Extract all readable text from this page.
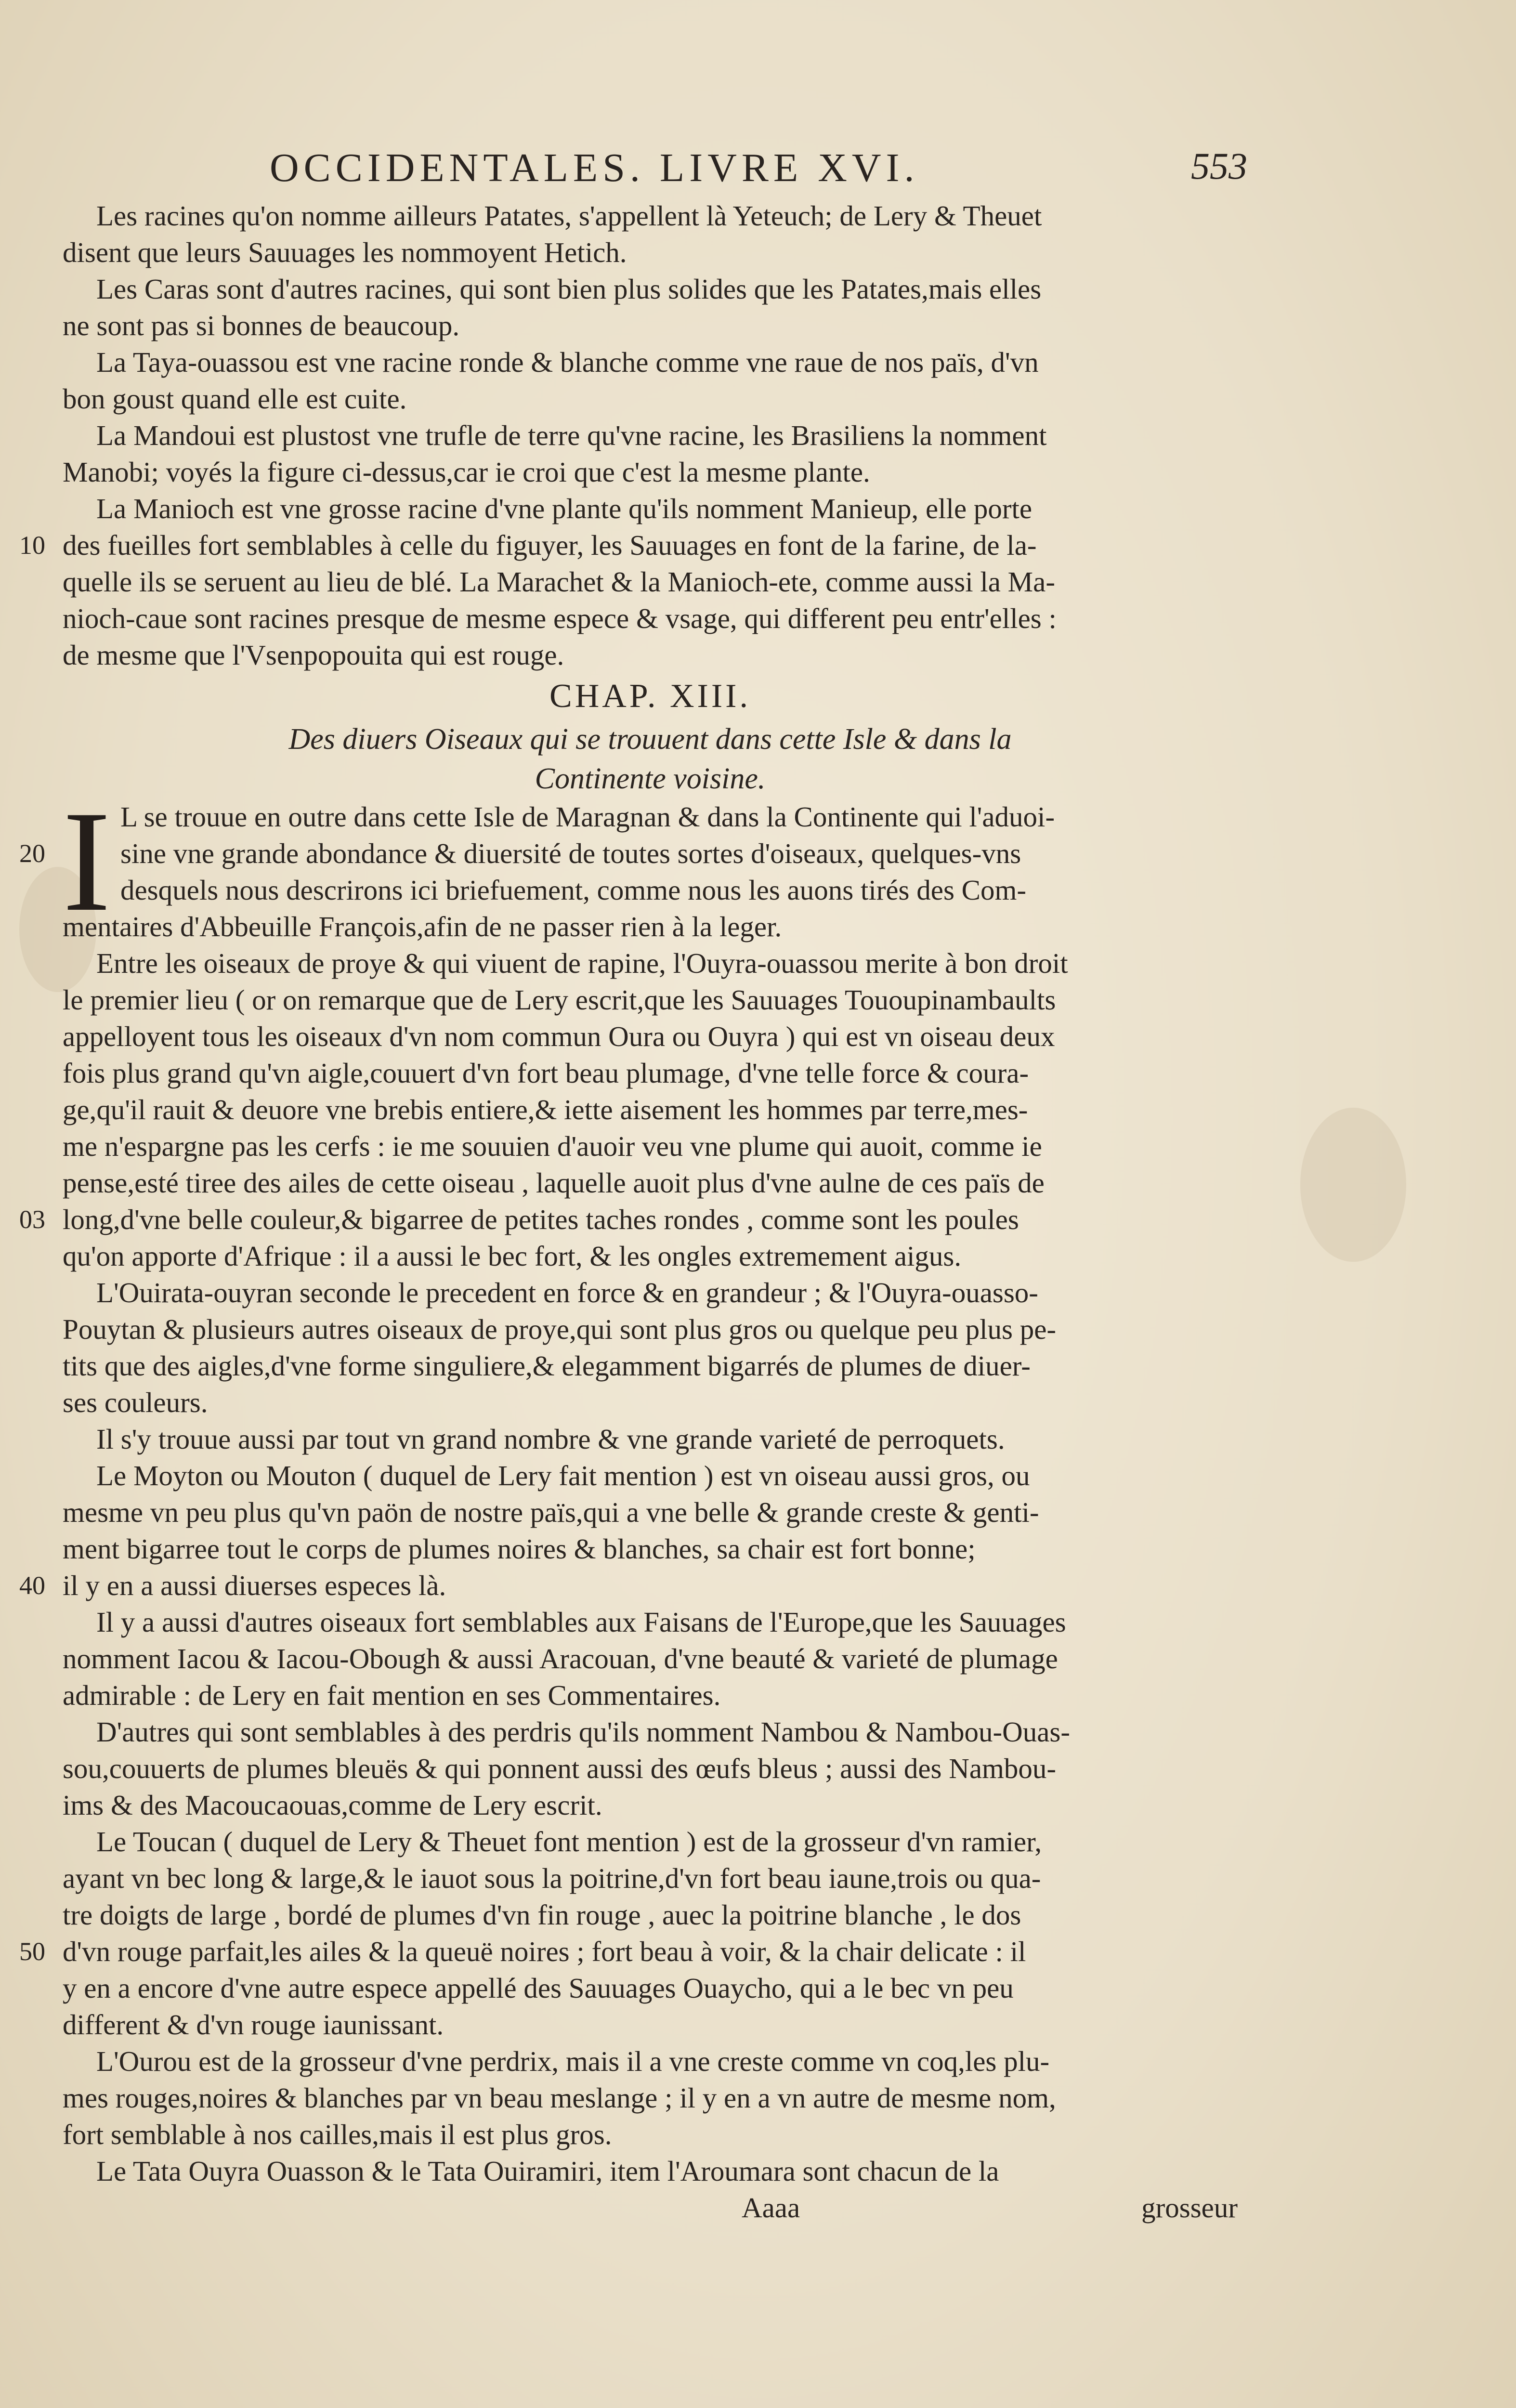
OCCIDENTALES. LIVRE XVI.	553
Les racines qu'on nomme ailleurs Patates, s'appellent là Yeteuch; de Lery & Theuet
disent que leurs Sauuages les nommoyent Hetich.
Les Caras sont d'autres racines, qui sont bien plus solides que les Patates,mais elles
ne sont pas si bonnes de beaucoup.
La Taya-ouassou est vne racine ronde & blanche comme vne raue de nos païs, d'vn
bon goust quand elle est cuite.
La Mandoui est plustost vne trufle de terre qu'vne racine, les Brasiliens la nomment
Manobi; voyés la figure ci-dessus,car ie croi que c'est la mesme plante.
La Manioch est vne grosse racine d'vne plante qu'ils nomment Manieup, elle porte
10 des fueilles fort semblables à celle du figuyer, les Sauuages en font de la farine, de la-
quelle ils se seruent au lieu de blé. La Marachet & la Manioch-ete, comme aussi la Ma-
nioch-caue sont racines presque de mesme espece & vsage, qui different peu entr'elles :
de mesme que l'Vsenpopouita qui est rouge.
CHAP. XIII.
Des diuers Oiseaux qui se trouuent dans cette Isle & dans la
Continente voisine.
I L se trouue en outre dans cette Isle de Maragnan & dans la Continente qui l'aduoi-
20	sine vne grande abondance & diuersité de toutes sortes d'oiseaux, quelques-vns
desquels nous descrirons ici briefuement, comme nous les auons tirés des Com-
mentaires d'Abbeuille François,afin de ne passer rien à la leger.
Entre les oiseaux de proye & qui viuent de rapine, l'Ouyra-ouassou merite à bon droit
le premier lieu ( or on remarque que de Lery escrit,que les Sauuages Tououpinambaults
appelloyent tous les oiseaux d'vn nom commun Oura ou Ouyra ) qui est vn oiseau deux
fois plus grand qu'vn aigle,couuert d'vn fort beau plumage, d'vne telle force & coura-
ge,qu'il rauit & deuore vne brebis entiere,& iette aisement les hommes par terre,mes-
me n'espargne pas les cerfs : ie me souuien d'auoir veu vne plume qui auoit, comme ie
pense,esté tiree des ailes de cette oiseau , laquelle auoit plus d'vne aulne de ces païs de
03 long,d'vne belle couleur,& bigarree de petites taches rondes , comme sont les poules
qu'on apporte d'Afrique : il a aussi le bec fort, & les ongles extremement aigus.
L'Ouirata-ouyran seconde le precedent en force & en grandeur ; & l'Ouyra-ouasso-
Pouytan & plusieurs autres oiseaux de proye,qui sont plus gros ou quelque peu plus pe-
tits que des aigles,d'vne forme singuliere,& elegamment bigarrés de plumes de diuer-
ses couleurs.
Il s'y trouue aussi par tout vn grand nombre & vne grande varieté de perroquets.
Le Moyton ou Mouton ( duquel de Lery fait mention ) est vn oiseau aussi gros, ou
mesme vn peu plus qu'vn paön de nostre païs,qui a vne belle & grande creste & genti-
ment bigarree tout le corps de plumes noires & blanches, sa chair est fort bonne;
40 il y en a aussi diuerses especes là.
Il y a aussi d'autres oiseaux fort semblables aux Faisans de l'Europe,que les Sauuages
nomment Iacou & Iacou-Obough & aussi Aracouan, d'vne beauté & varieté de plumage
admirable : de Lery en fait mention en ses Commentaires.
D'autres qui sont semblables à des perdris qu'ils nomment Nambou & Nambou-Ouas-
sou,couuerts de plumes bleuës & qui ponnent aussi des œufs bleus ; aussi des Nambou-
ims & des Macoucaouas,comme de Lery escrit.
Le Toucan ( duquel de Lery & Theuet font mention ) est de la grosseur d'vn ramier,
ayant vn bec long & large,& le iauot sous la poitrine,d'vn fort beau iaune,trois ou qua-
tre doigts de large , bordé de plumes d'vn fin rouge , auec la poitrine blanche , le dos
50 d'vn rouge parfait,les ailes & la queuë noires ; fort beau à voir, & la chair delicate : il
y en a encore d'vne autre espece appellé des Sauuages Ouaycho, qui a le bec vn peu
different & d'vn rouge iaunissant.
L'Ourou est de la grosseur d'vne perdrix, mais il a vne creste comme vn coq,les plu-
mes rouges,noires & blanches par vn beau meslange ; il y en a vn autre de mesme nom,
fort semblable à nos cailles,mais il est plus gros.
Le Tata Ouyra Ouasson & le Tata Ouiramiri, item l'Aroumara sont chacun de la
Aaaa	grosseur
